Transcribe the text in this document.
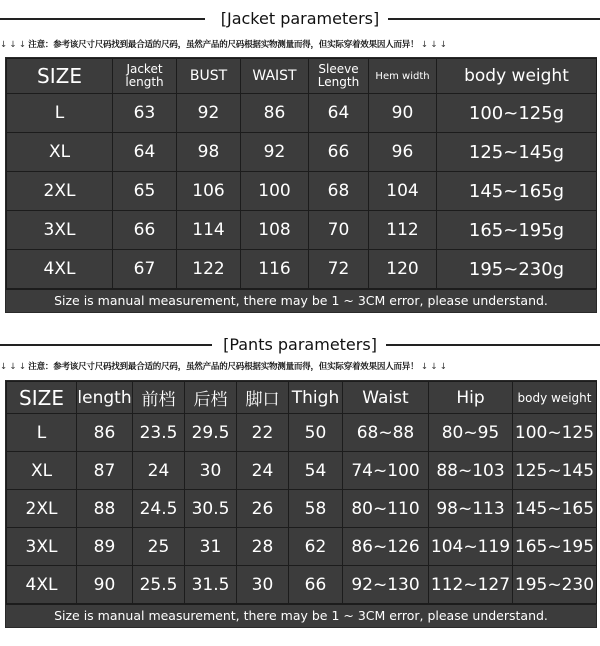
[Jacket parameters]
↓ ↓ ↓ 注意：参考该尺寸尺码找到最合适的尺码，虽然产品的尺码根据实物测量而得，但实际穿着效果因人而异！ ↓ ↓ ↓
SIZE	Jacket length	BUST	WAIST	Sleeve Length	Hem width	body weight
L	63	92	86	64	90	100~125g
XL	64	98	92	66	96	125~145g
2XL	65	106	100	68	104	145~165g
3XL	66	114	108	70	112	165~195g
4XL	67	122	116	72	120	195~230g
Size is manual measurement, there may be 1 ~ 3CM error, please understand.
[Pants parameters]
↓ ↓ ↓ 注意：参考该尺寸尺码找到最合适的尺码，虽然产品的尺码根据实物测量而得，但实际穿着效果因人而异！ ↓ ↓ ↓
SIZE	length	前档	后档	脚口	Thigh	Waist	Hip	body weight
L	86	23.5	29.5	22	50	68~88	80~95	100~125
XL	87	24	30	24	54	74~100	88~103	125~145
2XL	88	24.5	30.5	26	58	80~110	98~113	145~165
3XL	89	25	31	28	62	86~126	104~119	165~195
4XL	90	25.5	31.5	30	66	92~130	112~127	195~230
Size is manual measurement, there may be 1 ~ 3CM error, please understand.
